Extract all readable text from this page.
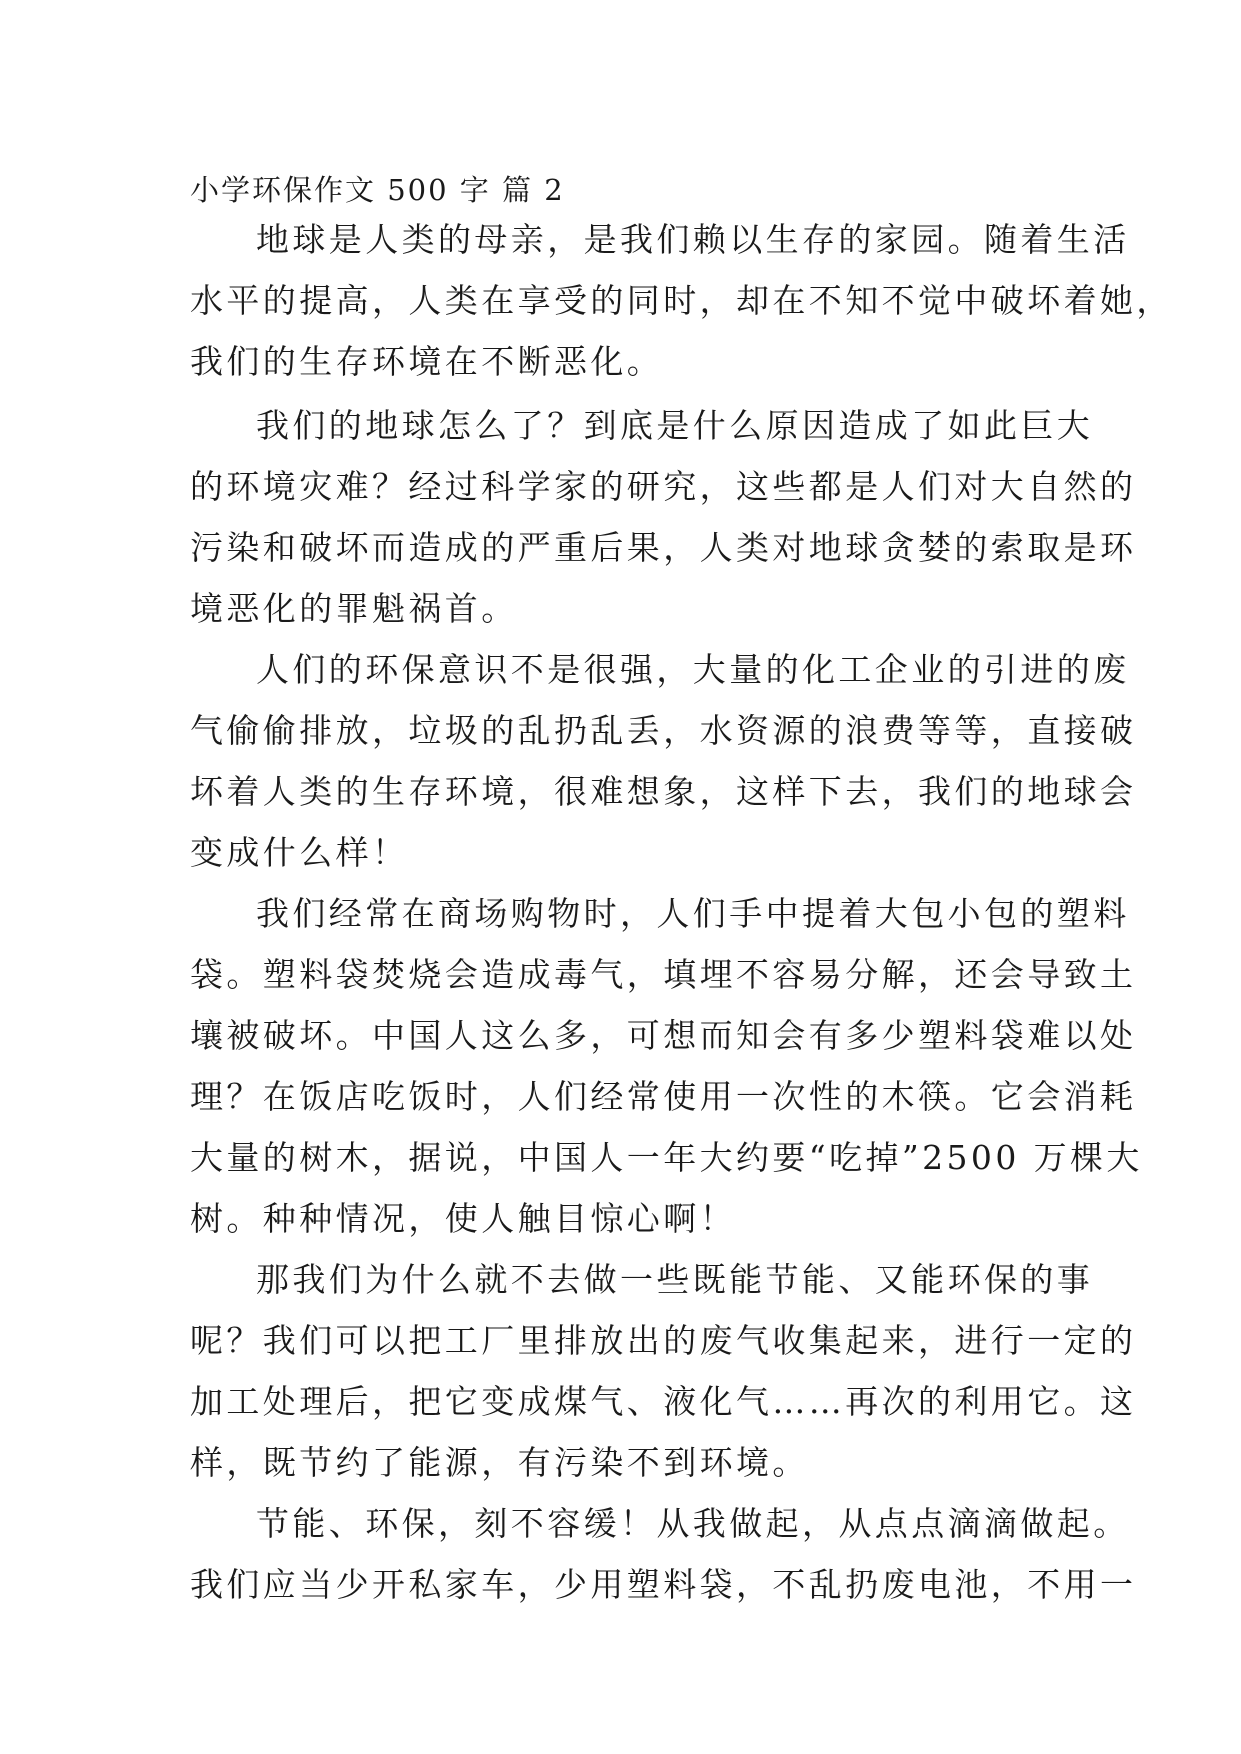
小学环保作文 500 字 篇 2
地球是人类的母亲，是我们赖以生存的家园。随着生活
水平的提高，人类在享受的同时，却在不知不觉中破坏着她，
我们的生存环境在不断恶化。
我们的地球怎么了？到底是什么原因造成了如此巨大
的环境灾难？经过科学家的研究，这些都是人们对大自然的
污染和破坏而造成的严重后果，人类对地球贪婪的索取是环
境恶化的罪魁祸首。
人们的环保意识不是很强，大量的化工企业的引进的废
气偷偷排放，垃圾的乱扔乱丢，水资源的浪费等等，直接破
坏着人类的生存环境，很难想象，这样下去，我们的地球会
变成什么样！
我们经常在商场购物时，人们手中提着大包小包的塑料
袋。塑料袋焚烧会造成毒气，填埋不容易分解，还会导致土
壤被破坏。中国人这么多，可想而知会有多少塑料袋难以处
理？在饭店吃饭时，人们经常使用一次性的木筷。它会消耗
大量的树木，据说，中国人一年大约要“吃掉”2500 万棵大
树。种种情况，使人触目惊心啊！
那我们为什么就不去做一些既能节能、又能环保的事
呢？我们可以把工厂里排放出的废气收集起来，进行一定的
加工处理后，把它变成煤气、液化气……再次的利用它。这
样，既节约了能源，有污染不到环境。
节能、环保，刻不容缓！从我做起，从点点滴滴做起。
我们应当少开私家车，少用塑料袋，不乱扔废电池，不用一
